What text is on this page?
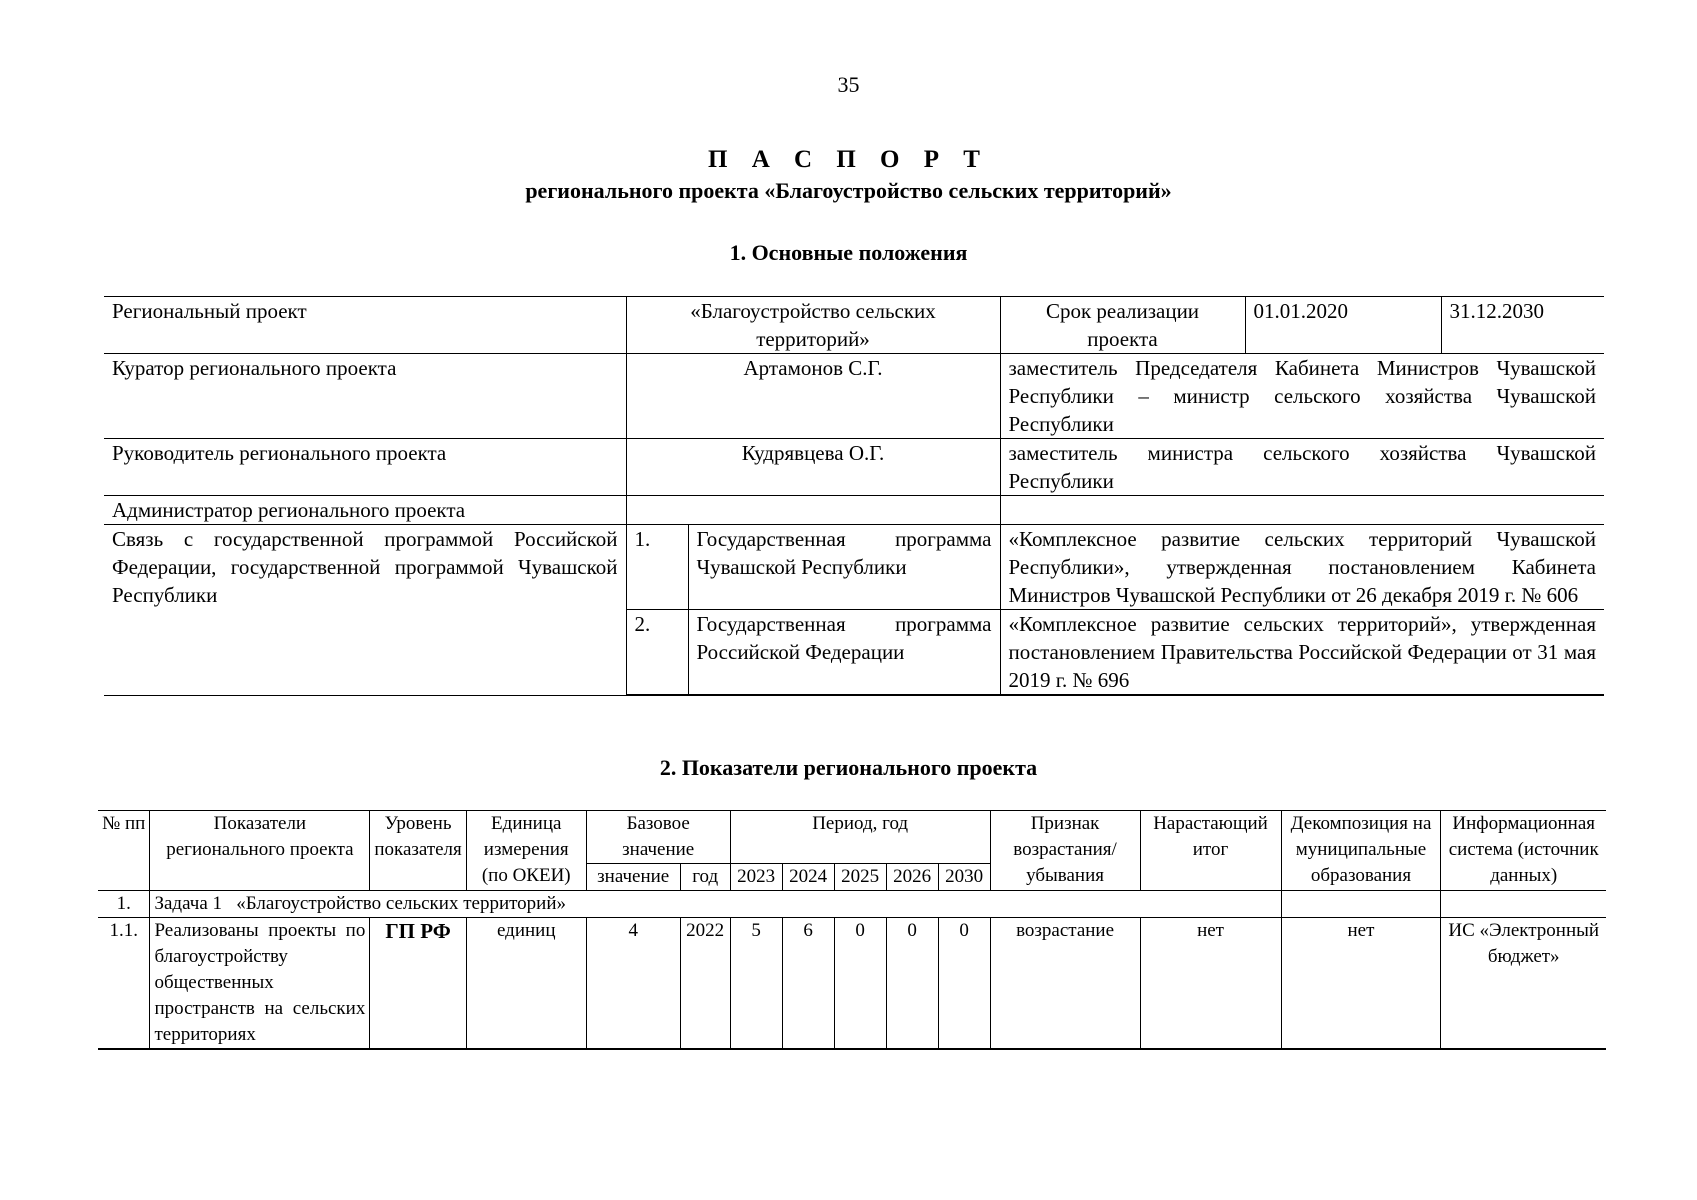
35
П А С П О Р Т
регионального проекта «Благоустройство сельских территорий»
1. Основные положения
Региональный проект	«Благоустройство сельских территорий»		Срок реализации проекта	01.01.2020	31.12.2030
Куратор регионального проекта	Артамонов С.Г.		заместитель Председателя Кабинета Министров Чувашской Республики – министр сельского хозяйства Чувашской Республики		
Руководитель регионального проекта	Кудрявцева О.Г.		заместитель министра сельского хозяйства Чувашской Республики		
Администратор регионального проекта					
Связь с государственной программой Российской Федерации, государственной программой Чувашской Республики	1.	Государственная программа Чувашской Республики	«Комплексное развитие сельских территорий Чувашской Республики», утвержденная постановлением Кабинета Министров Чувашской Республики от 26 декабря 2019 г. № 606		
	2.	Государственная программа Российской Федерации	«Комплексное развитие сельских территорий», утвержденная постановлением Правительства Российской Федерации от 31 мая 2019 г. № 696		
2. Показатели регионального проекта
№ пп	Показатели регионального проекта	Уровень показателя	Единица измерения (по ОКЕИ)	Базовое значение		Период, год					Признак возрастания/ убывания	Нарастающий итог	Декомпозиция на муниципальные образования	Информационная система (источник данных)

				значение	год	2023	2024	2025	2026	2030				
1.	Задача 1   «Благоустройство сельских территорий»													
1.1.	Реализованы проекты по благоустройству общественных пространств на сельских территориях	ГП РФ	единиц	4	2022	5	6	0	0	0	возрастание	нет	нет	ИС «Электронный бюджет»
